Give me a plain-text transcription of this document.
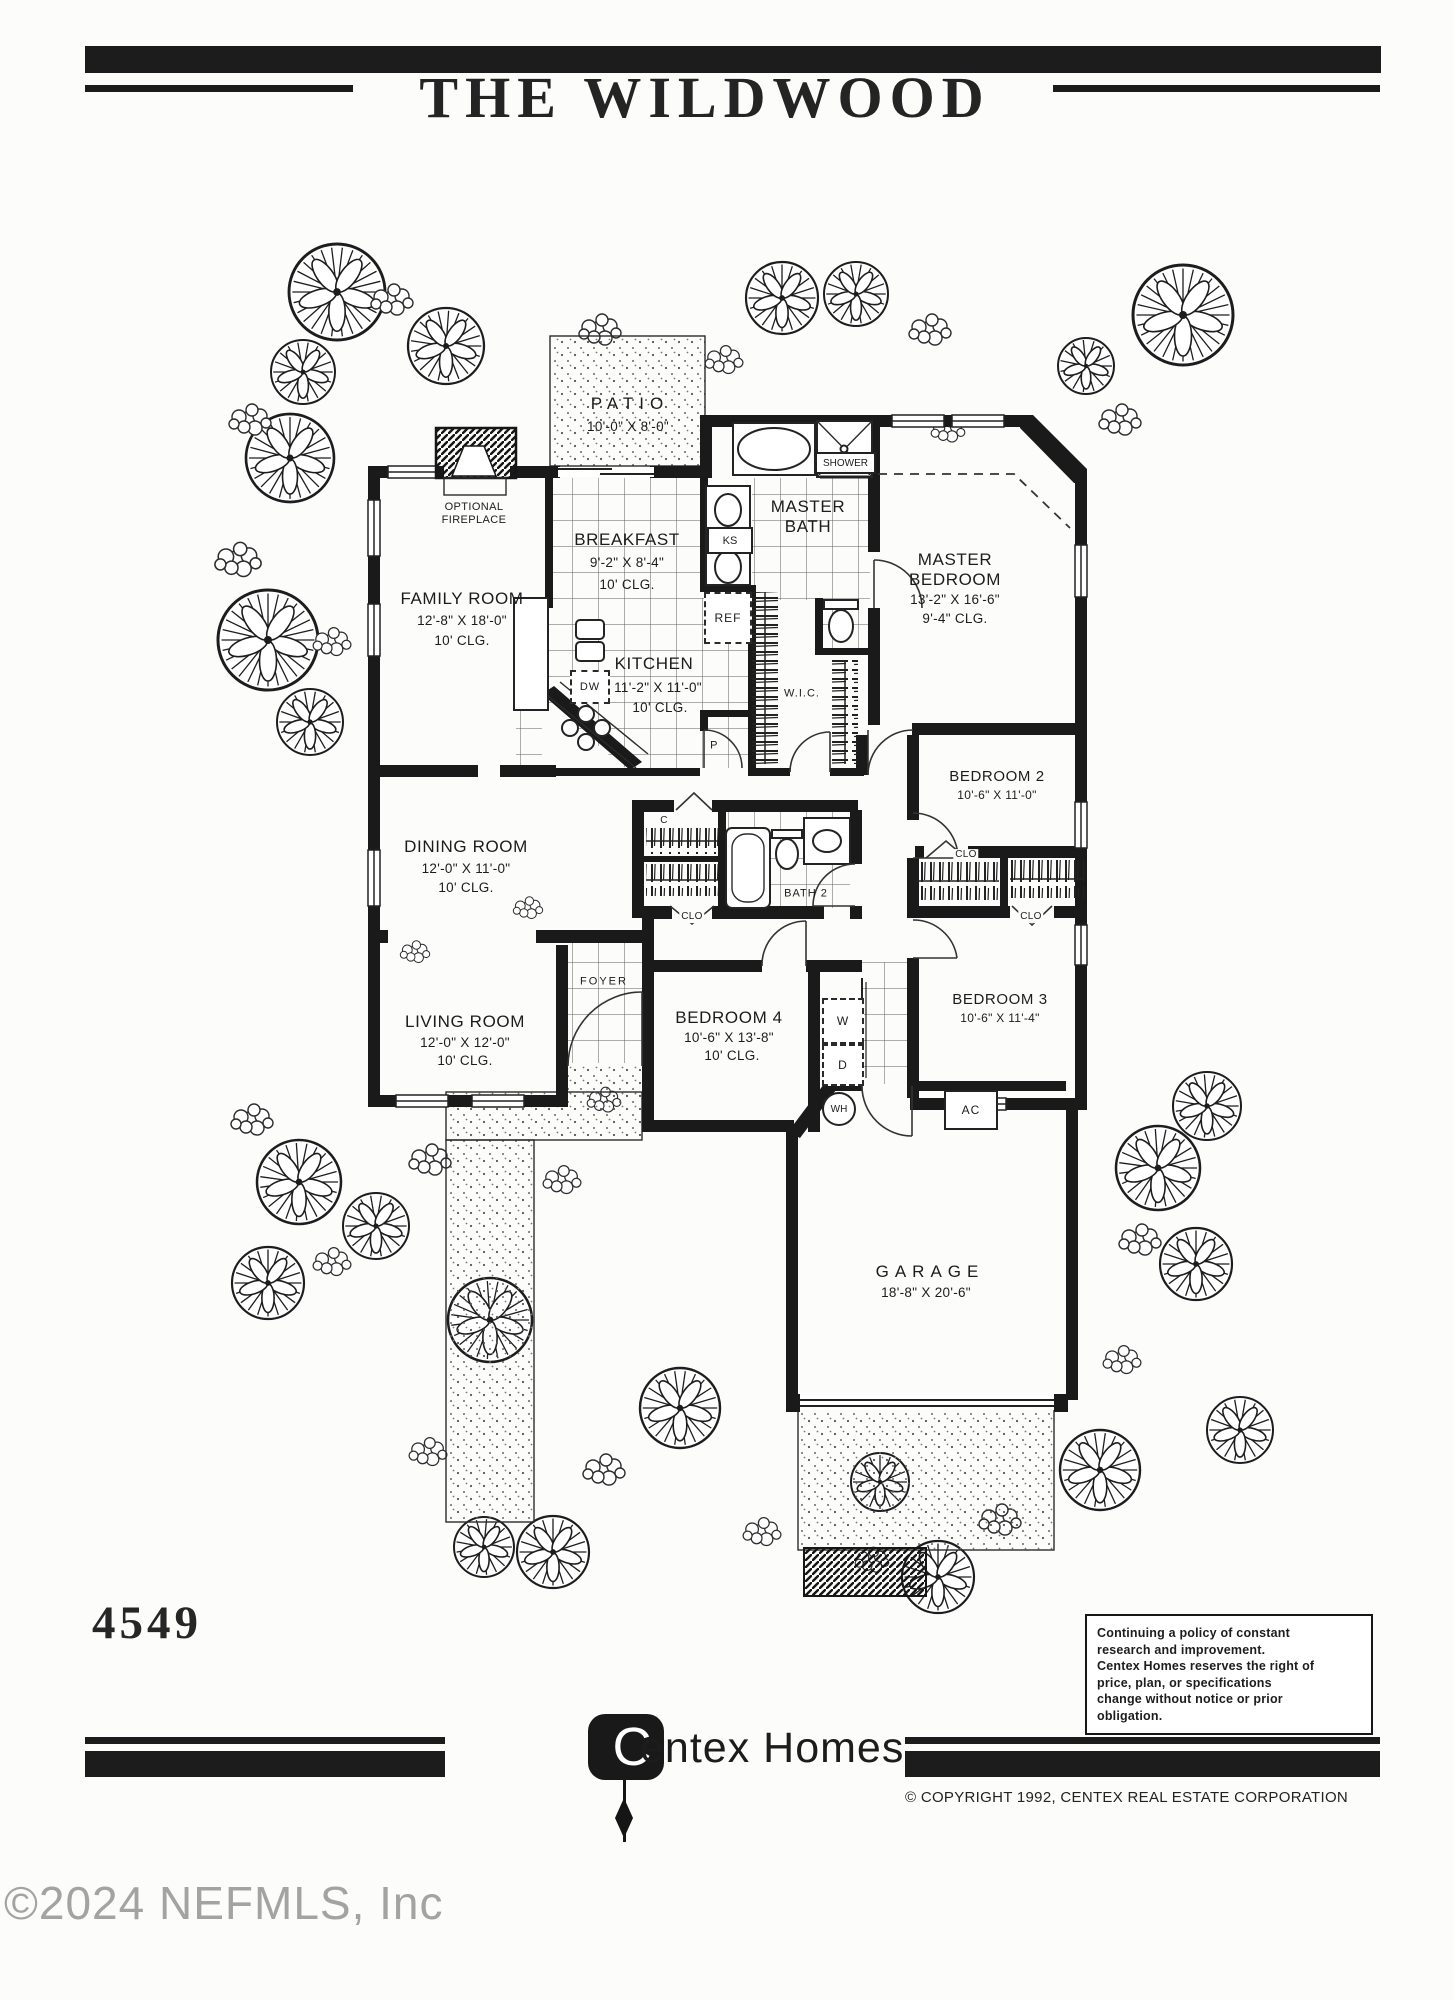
THE WILDWOOD
PATIO
10'-0" X 8'-0"
OPTIONAL FIREPLACE
FAMILY ROOM
12'-8" X 18'-0"
10' CLG.
BREAKFAST
9'-2" X 8'-4"
10' CLG.
KITCHEN
11'-2" X 11'-0"
10' CLG.
MASTER BATH
MASTER BEDROOM
13'-2" X 16'-6"
9'-4" CLG.
DINING ROOM
12'-0" X 11'-0"
10' CLG.
LIVING ROOM
12'-0" X 12'-0"
10' CLG.
FOYER
BATH 2
BEDROOM 2
10'-6" X 11'-0"
BEDROOM 3
10'-6" X 11'-4"
BEDROOM 4
10'-6" X 13'-8"
10' CLG.
GARAGE
18'-8" X 20'-6"
SHOWER
KS
REF
DW
P
W.I.C.
C
CLO
CLO
CLO
W
D
WH	AC
4549	Continuing a policy of constant
research and improvement.
Centex Homes reserves the right of
price, plan, or specifications
change without notice or prior
obligation.
C
entex Homes
© COPYRIGHT 1992, CENTEX REAL ESTATE CORPORATION
©2024 NEFMLS, Inc
